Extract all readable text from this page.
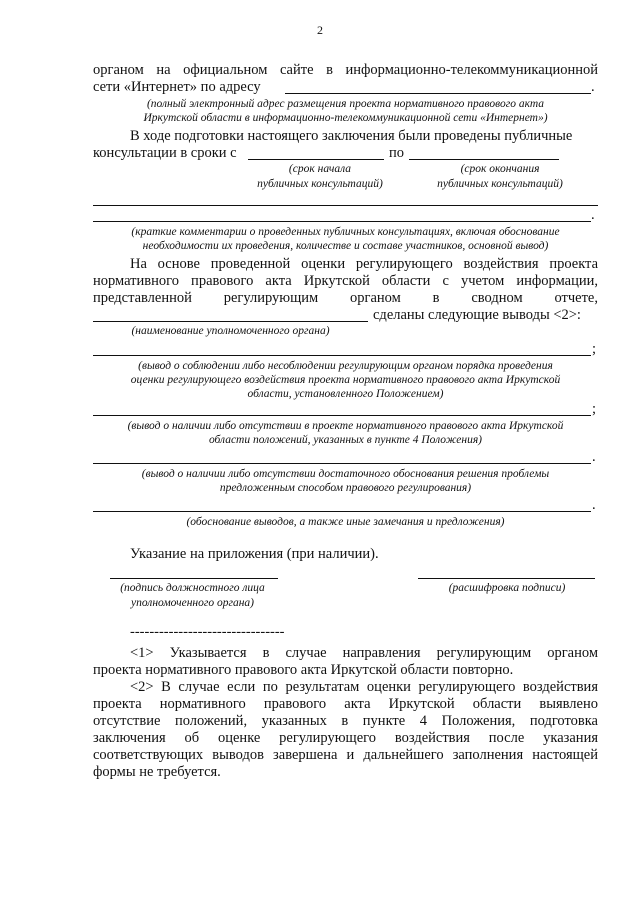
2
органом на официальном сайте в информационно-телекоммуникационной
сети «Интернет» по адресу	.
(полный электронный адрес размещения проекта нормативного правового акта
Иркутской области в информационно-телекоммуникационной сети «Интернет»)
В ходе подготовки настоящего заключения были проведены публичные
консультации в сроки с	по
(срок начала
публичных консультаций)
(срок окончания
публичных консультаций)
.
(краткие комментарии о проведенных публичных консультациях, включая обоснование
необходимости их проведения, количестве и составе участников, основной вывод)
На основе проведенной оценки регулирующего воздействия проекта
нормативного правового акта Иркутской области с учетом информации,
представленной регулирующим органом в сводном отчете,
сделаны следующие выводы <2>:
(наименование уполномоченного органа)
;
(вывод о соблюдении либо несоблюдении регулирующим органом порядка проведения
оценки регулирующего воздействия проекта нормативного правового акта Иркутской
области, установленного Положением)
;
(вывод о наличии либо отсутствии в проекте нормативного правового акта Иркутской
области положений, указанных в пункте 4 Положения)
.
(вывод о наличии либо отсутствии достаточного обоснования решения проблемы
предложенным способом правового регулирования)
.
(обоснование выводов, а также иные замечания и предложения)
Указание на приложения (при наличии).
(подпись должностного лица
уполномоченного органа)
(расшифровка подписи)
--------------------------------
<1> Указывается в случае направления регулирующим органом
проекта нормативного правового акта Иркутской области повторно.
<2> В случае если по результатам оценки регулирующего воздействия
проекта нормативного правового акта Иркутской области выявлено
отсутствие положений, указанных в пункте 4 Положения, подготовка
заключения об оценке регулирующего воздействия после указания
соответствующих выводов завершена и дальнейшего заполнения настоящей
формы не требуется.
